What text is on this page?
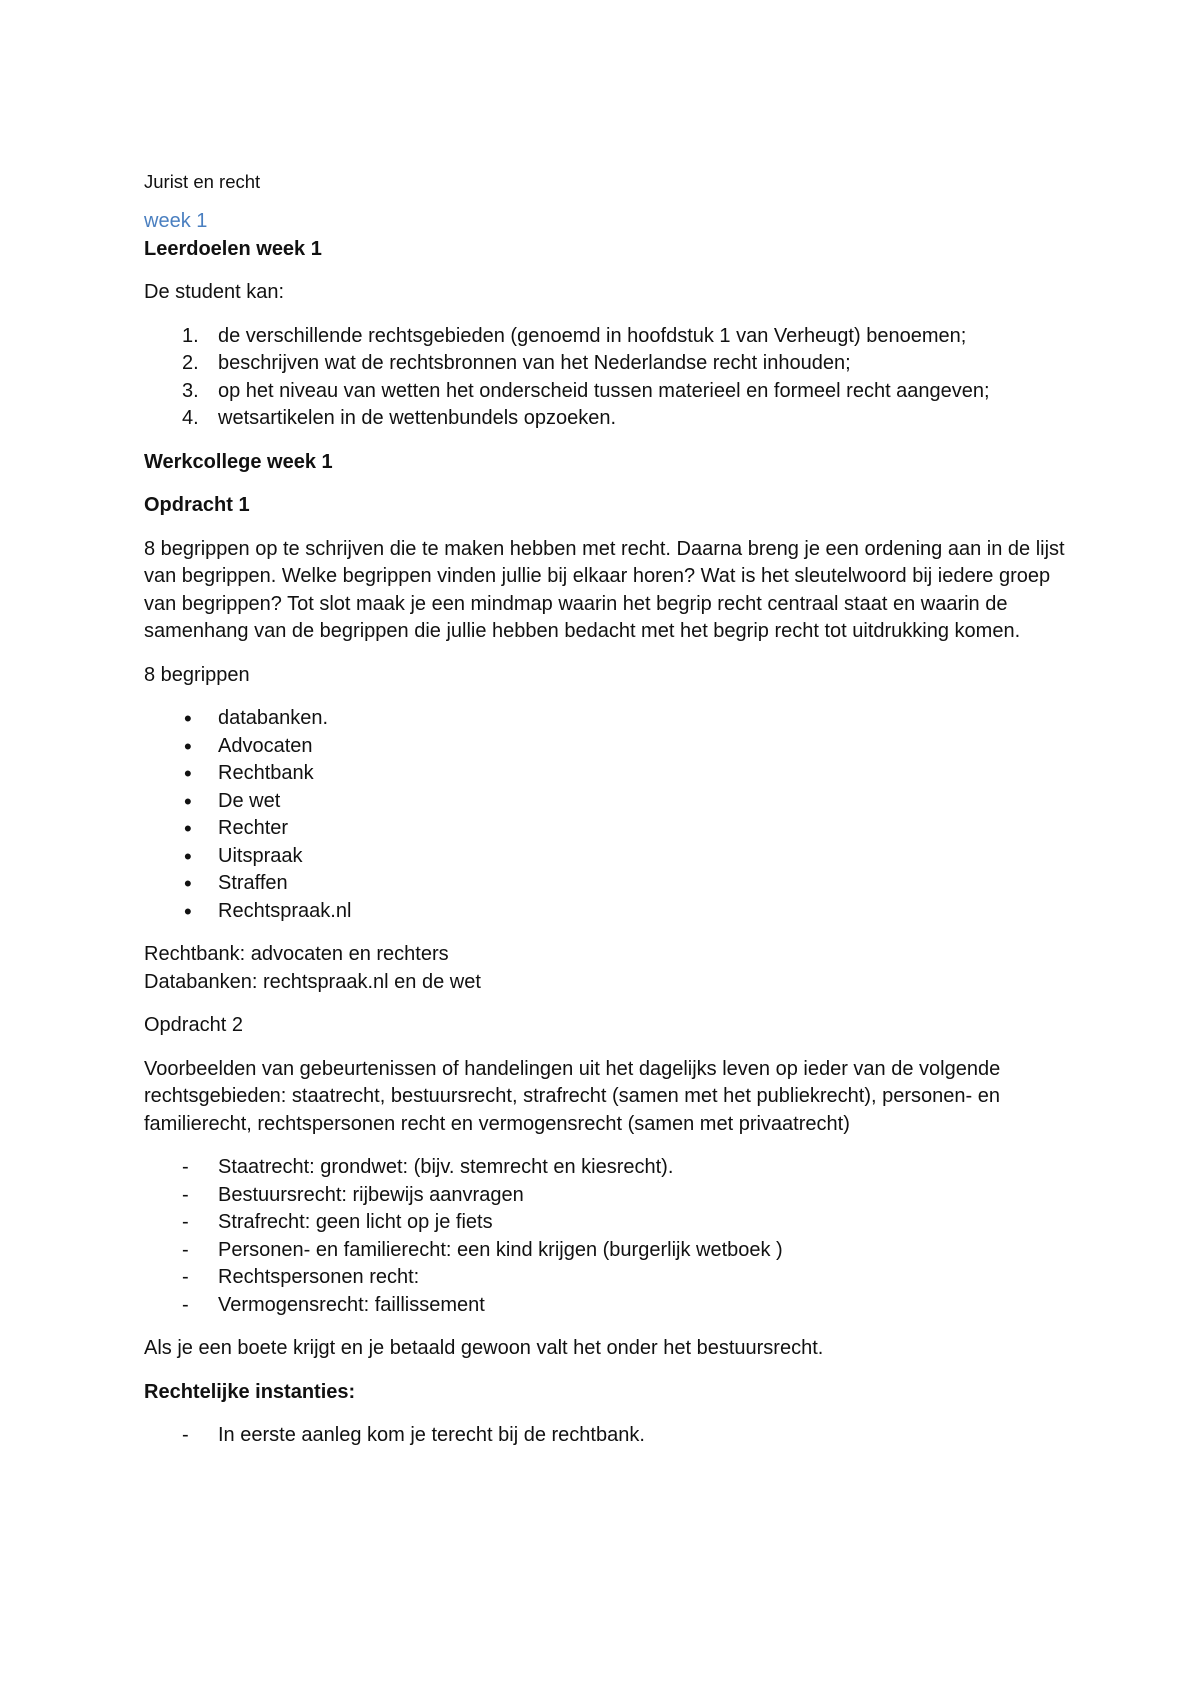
Jurist en recht

week 1

Leerdoelen week 1

De student kan:

1. de verschillende rechtsgebieden (genoemd in hoofdstuk 1 van Verheugt) benoemen;
2. beschrijven wat de rechtsbronnen van het Nederlandse recht inhouden;
3. op het niveau van wetten het onderscheid tussen materieel en formeel recht aangeven;
4. wetsartikelen in de wettenbundels opzoeken.

Werkcollege week 1

Opdracht 1

8 begrippen op te schrijven die te maken hebben met recht. Daarna breng je een ordening aan in de lijst van begrippen. Welke begrippen vinden jullie bij elkaar horen? Wat is het sleutelwoord bij iedere groep van begrippen? Tot slot maak je een mindmap waarin het begrip recht centraal staat en waarin de samenhang van de begrippen die jullie hebben bedacht met het begrip recht tot uitdrukking komen.

8 begrippen

• databanken.
• Advocaten
• Rechtbank
• De wet
• Rechter
• Uitspraak
• Straffen
• Rechtspraak.nl

Rechtbank: advocaten en rechters
Databanken: rechtspraak.nl en de wet

Opdracht 2

Voorbeelden van gebeurtenissen of handelingen uit het dagelijks leven op ieder van de volgende rechtsgebieden: staatrecht, bestuursrecht, strafrecht (samen met het publiekrecht), personen- en familierecht, rechtspersonen recht en vermogensrecht (samen met privaatrecht)

- Staatrecht: grondwet: (bijv. stemrecht en kiesrecht).
- Bestuursrecht: rijbewijs aanvragen
- Strafrecht: geen licht op je fiets
- Personen- en familierecht: een kind krijgen (burgerlijk wetboek )
- Rechtspersonen recht:
- Vermogensrecht: faillissement

Als je een boete krijgt en je betaald gewoon valt het onder het bestuursrecht.

Rechtelijke instanties:

- In eerste aanleg kom je terecht bij de rechtbank.
